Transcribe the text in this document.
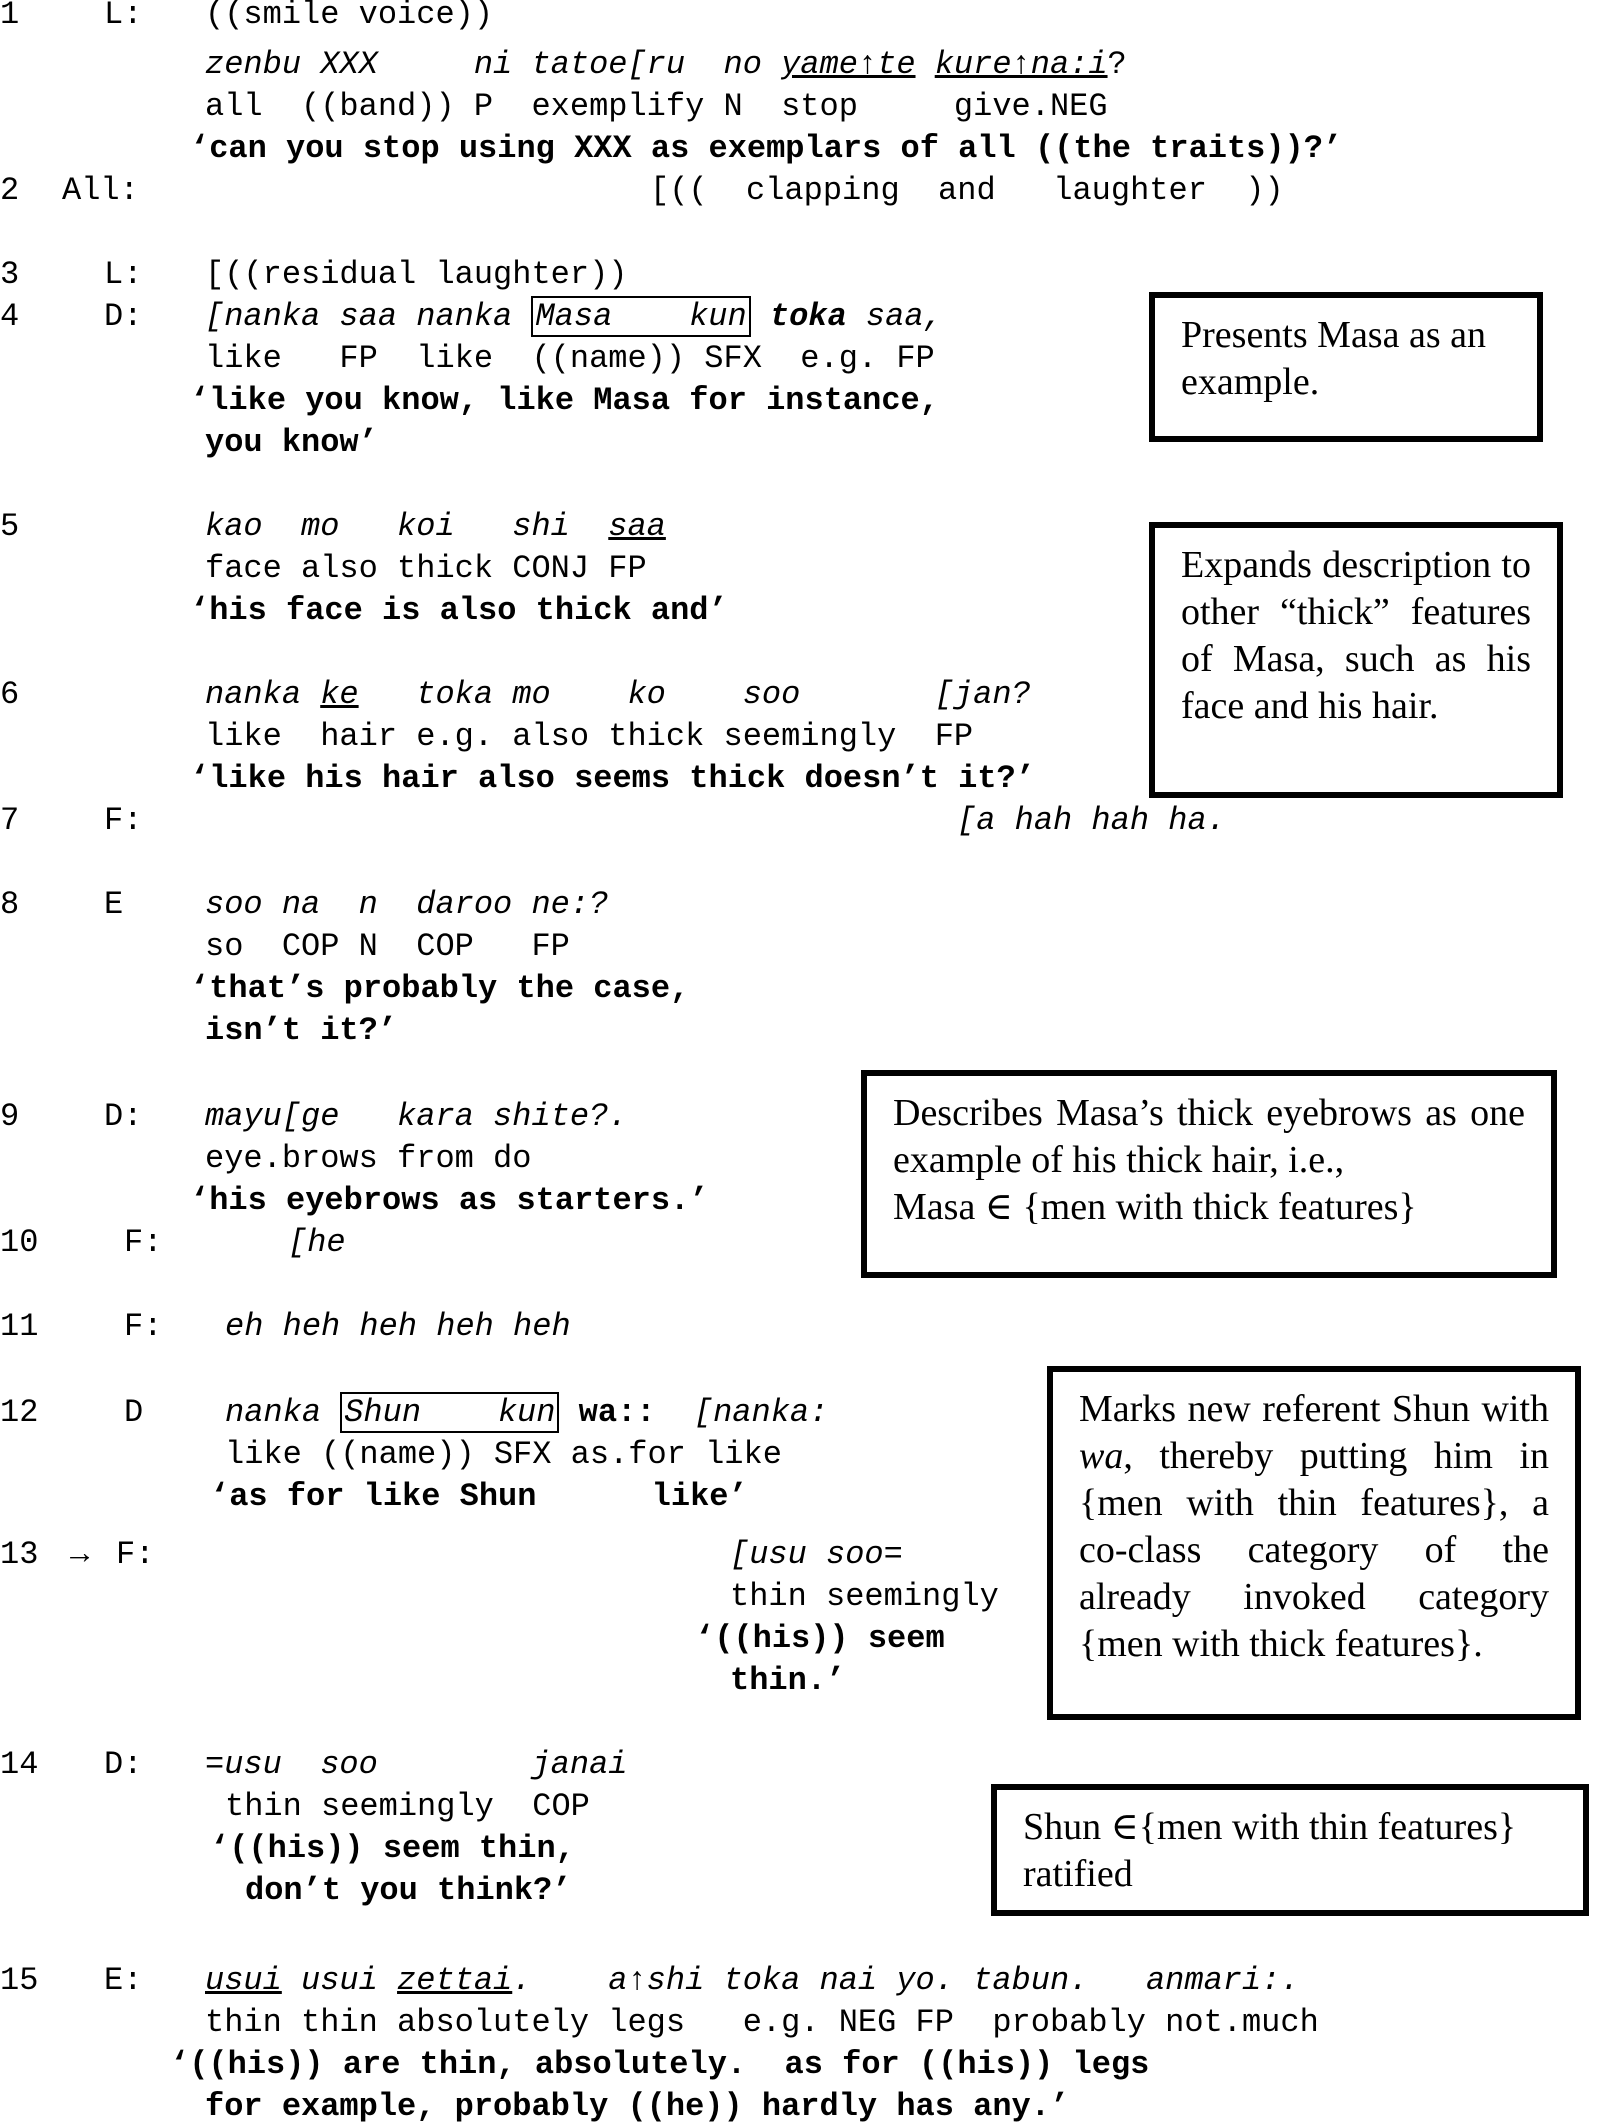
1	L: ((smile voice))
zenbu XXX	ni tatoe[ru no yame↑te kure↑na:i?
all  ((band)) P  exemplify N  stop     give.NEG
‘can you stop using XXX as exemplars of all ((the traits))?’
2 All:	[((  clapping  and   laughter  ))
3	L: [((residual laughter))
4	D: [nanka saa nanka Masa    kun toka saa,
like   FP  like  ((name)) SFX  e.g. FP
‘like you know, like Masa for instance,
you know’
5	kao  mo   koi   shi  saa
face also thick CONJ FP
‘his face is also thick and’
6	nanka ke   toka mo    ko    soo       [jan?
like  hair e.g. also thick seemingly  FP
‘like his hair also seems thick doesn’t it?’
7	F:	[a hah hah ha.
8	E	soo na  n  daroo ne:?
so  COP N  COP   FP
‘that’s probably the case,
isn’t it?’
9	D: mayu[ge   kara shite?.
eye.brows from do
‘his eyebrows as starters.’
10	F:	[he
11	F: eh heh heh heh heh
12	D	nanka Shun    kun wa::  [nanka:
like ((name)) SFX as.for like
‘as for like Shun      like’
13 → F:	[usu soo=
thin seemingly
‘((his)) seem
thin.’
14 D: =usu  soo        janai
thin seemingly  COP
‘((his)) seem thin,
don’t you think?’
15 E: usui usui zettai.    a↑shi toka nai yo. tabun.   anmari:.
thin thin absolutely legs   e.g. NEG FP  probably not.much
‘((his)) are thin, absolutely.  as for ((his)) legs
for example, probably ((he)) hardly has any.’
Presents Masa as an example.
Expands description to other “thick” features of Masa, such as his face and his hair.
Describes Masa’s thick eyebrows as one example of his thick hair, i.e.,
Masa ∈ {men with thick features}
Marks new referent Shun with wa, thereby putting him in {men with thin features}, a co-class category of the already invoked category {men with thick features}.
Shun ∈{men with thin features}
ratified
